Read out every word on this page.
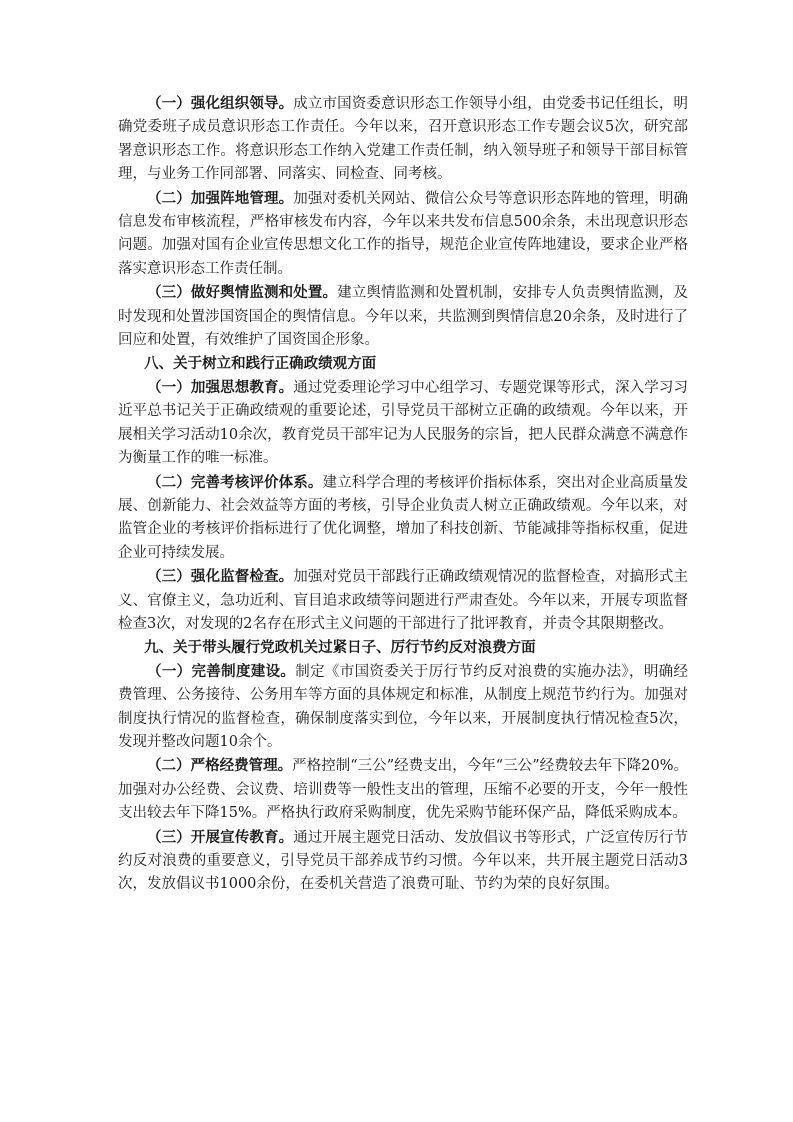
（一）强化组织领导。成立市国资委意识形态工作领导小组，由党委书记任组长，明确党委班子成员意识形态工作责任。今年以来，召开意识形态工作专题会议5次，研究部署意识形态工作。将意识形态工作纳入党建工作责任制，纳入领导班子和领导干部目标管理，与业务工作同部署、同落实、同检查、同考核。

（二）加强阵地管理。加强对委机关网站、微信公众号等意识形态阵地的管理，明确信息发布审核流程，严格审核发布内容，今年以来共发布信息500余条，未出现意识形态问题。加强对国有企业宣传思想文化工作的指导，规范企业宣传阵地建设，要求企业严格落实意识形态工作责任制。

（三）做好舆情监测和处置。建立舆情监测和处置机制，安排专人负责舆情监测，及时发现和处置涉国资国企的舆情信息。今年以来，共监测到舆情信息20余条，及时进行了回应和处置，有效维护了国资国企形象。

八、关于树立和践行正确政绩观方面

（一）加强思想教育。通过党委理论学习中心组学习、专题党课等形式，深入学习习近平总书记关于正确政绩观的重要论述，引导党员干部树立正确的政绩观。今年以来，开展相关学习活动10余次，教育党员干部牢记为人民服务的宗旨，把人民群众满意不满意作为衡量工作的唯一标准。

（二）完善考核评价体系。建立科学合理的考核评价指标体系，突出对企业高质量发展、创新能力、社会效益等方面的考核，引导企业负责人树立正确政绩观。今年以来，对监管企业的考核评价指标进行了优化调整，增加了科技创新、节能减排等指标权重，促进企业可持续发展。

（三）强化监督检查。加强对党员干部践行正确政绩观情况的监督检查，对搞形式主义、官僚主义，急功近利、盲目追求政绩等问题进行严肃查处。今年以来，开展专项监督检查3次，对发现的2名存在形式主义问题的干部进行了批评教育，并责令其限期整改。

九、关于带头履行党政机关过紧日子、厉行节约反对浪费方面

（一）完善制度建设。制定《市国资委关于厉行节约反对浪费的实施办法》，明确经费管理、公务接待、公务用车等方面的具体规定和标准，从制度上规范节约行为。加强对制度执行情况的监督检查，确保制度落实到位，今年以来，开展制度执行情况检查5次，发现并整改问题10余个。

（二）严格经费管理。严格控制“三公”经费支出，今年“三公”经费较去年下降20%。加强对办公经费、会议费、培训费等一般性支出的管理，压缩不必要的开支，今年一般性支出较去年下降15%。严格执行政府采购制度，优先采购节能环保产品，降低采购成本。

（三）开展宣传教育。通过开展主题党日活动、发放倡议书等形式，广泛宣传厉行节约反对浪费的重要意义，引导党员干部养成节约习惯。今年以来，共开展主题党日活动3次，发放倡议书1000余份，在委机关营造了浪费可耻、节约为荣的良好氛围。
